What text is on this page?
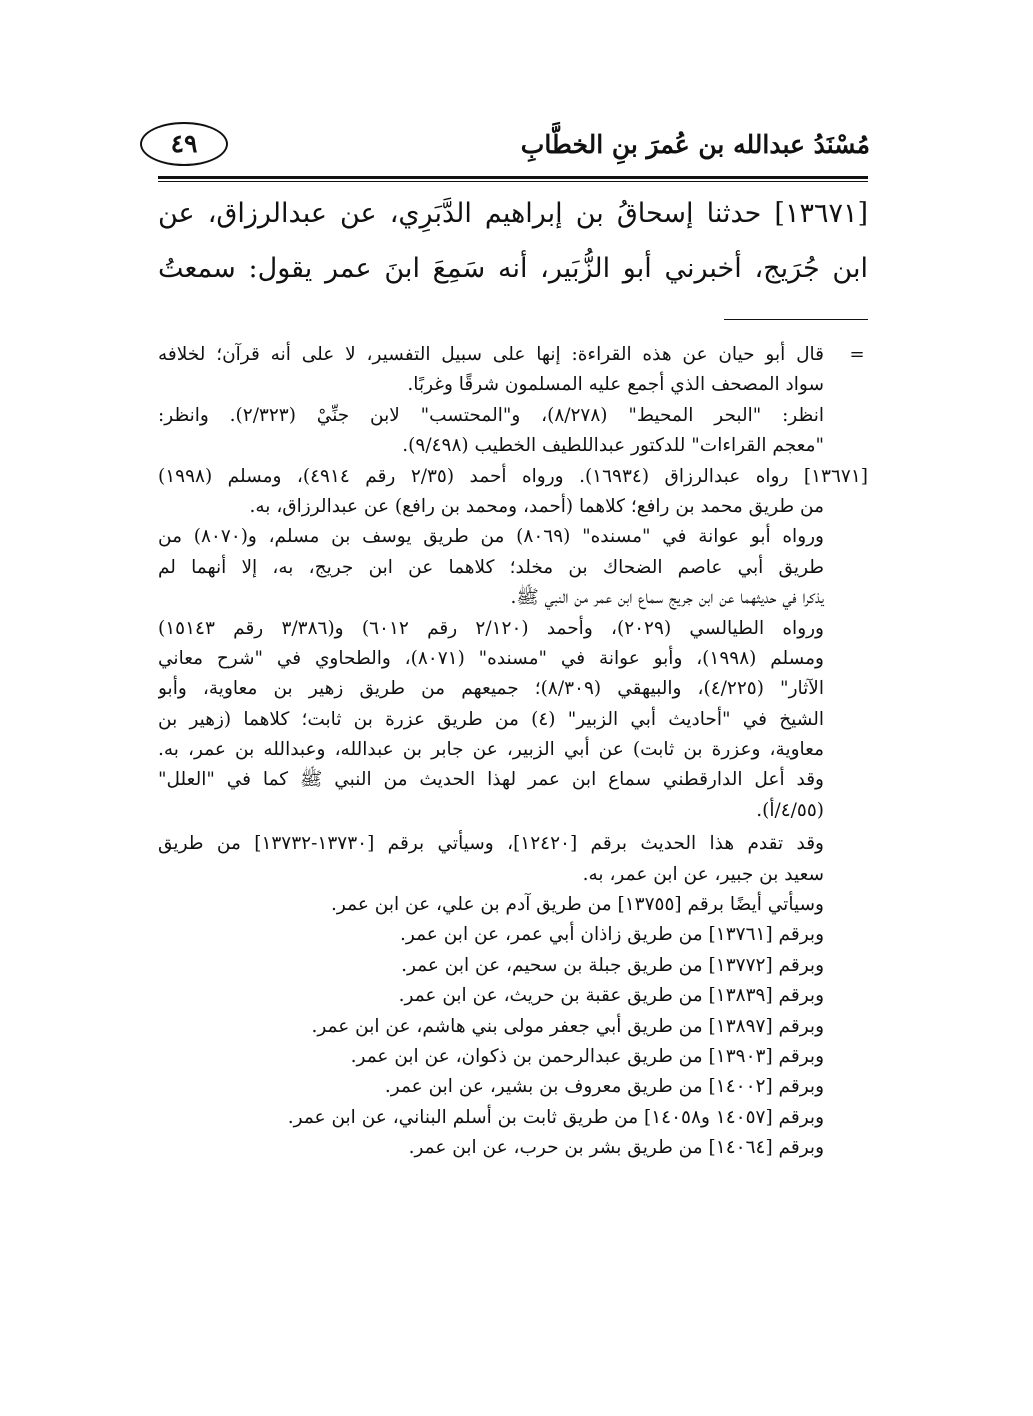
مُسْنَدُ عبدالله بن عُمرَ بنِ الخطَّابِ
٤٩
[١٣٦٧١] حدثنا إسحاقُ بن إبراهيم الدَّبَرِي، عن عبدالرزاق، عن
ابن جُرَيج، أخبرني أبو الزُّبَير، أنه سَمِعَ ابنَ عمر يقول: سمعتُ
=
قال أبو حيان عن هذه القراءة: إنها على سبيل التفسير، لا على أنه قرآن؛ لخلافه
سواد المصحف الذي أجمع عليه المسلمون شرقًا وغربًا.
انظر: "البحر المحيط" (٨/٢٧٨)، و"المحتسب" لابن جنِّيْ (٢/٣٢٣). وانظر:
"معجم القراءات" للدكتور عبداللطيف الخطيب (٩/٤٩٨).
[١٣٦٧١] رواه عبدالرزاق (١٦٩٣٤). ورواه أحمد (٢/٣٥ رقم ٤٩١٤)، ومسلم (١٩٩٨)
من طريق محمد بن رافع؛ كلاهما (أحمد، ومحمد بن رافع) عن عبدالرزاق، به.
ورواه أبو عوانة في "مسنده" (٨٠٦٩) من طريق يوسف بن مسلم، و(٨٠٧٠) من
طريق أبي عاصم الضحاك بن مخلد؛ كلاهما عن ابن جريج، به، إلا أنهما لم
يذكرا في حديثهما عن ابن جريج سماع ابن عمر من النبي ﷺ.
ورواه الطيالسي (٢٠٢٩)، وأحمد (٢/١٢٠ رقم ٦٠١٢) و(٣/٣٨٦ رقم ١٥١٤٣)
ومسلم (١٩٩٨)، وأبو عوانة في "مسنده" (٨٠٧١)، والطحاوي في "شرح معاني
الآثار" (٤/٢٢٥)، والبيهقي (٨/٣٠٩)؛ جميعهم من طريق زهير بن معاوية، وأبو
الشيخ في "أحاديث أبي الزبير" (٤) من طريق عزرة بن ثابت؛ كلاهما (زهير بن
معاوية، وعزرة بن ثابت) عن أبي الزبير، عن جابر بن عبدالله، وعبدالله بن عمر، به.
وقد أعل الدارقطني سماع ابن عمر لهذا الحديث من النبي ﷺ كما في "العلل"
(٤/٥٥/أ).
وقد تقدم هذا الحديث برقم [١٢٤٢٠]، وسيأتي برقم [١٣٧٣٠-١٣٧٣٢] من طريق
سعيد بن جبير، عن ابن عمر، به.
وسيأتي أيضًا برقم [١٣٧٥٥] من طريق آدم بن علي، عن ابن عمر.
وبرقم [١٣٧٦١] من طريق زاذان أبي عمر، عن ابن عمر.
وبرقم [١٣٧٧٢] من طريق جبلة بن سحيم، عن ابن عمر.
وبرقم [١٣٨٣٩] من طريق عقبة بن حريث، عن ابن عمر.
وبرقم [١٣٨٩٧] من طريق أبي جعفر مولى بني هاشم، عن ابن عمر.
وبرقم [١٣٩٠٣] من طريق عبدالرحمن بن ذكوان، عن ابن عمر.
وبرقم [١٤٠٠٢] من طريق معروف بن بشير، عن ابن عمر.
وبرقم [١٤٠٥٧ و١٤٠٥٨] من طريق ثابت بن أسلم البناني، عن ابن عمر.
وبرقم [١٤٠٦٤] من طريق بشر بن حرب، عن ابن عمر.
